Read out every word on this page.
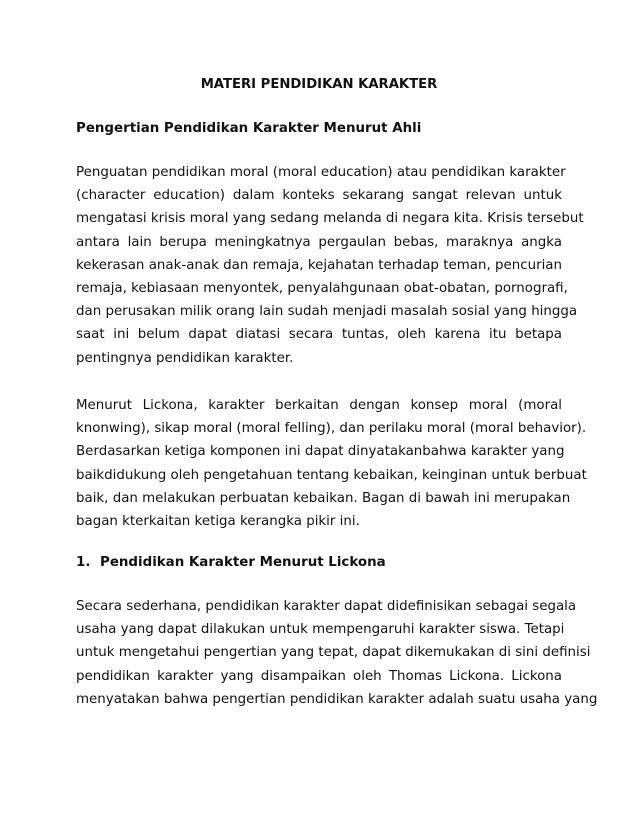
MATERI PENDIDIKAN KARAKTER
Pengertian Pendidikan Karakter Menurut Ahli

Penguatan pendidikan moral (moral education) atau pendidikan karakter
(character education) dalam konteks sekarang sangat relevan untuk
mengatasi krisis moral yang sedang melanda di negara kita. Krisis tersebut
antara lain berupa meningkatnya pergaulan bebas, maraknya angka
kekerasan anak-anak dan remaja, kejahatan terhadap teman, pencurian
remaja, kebiasaan menyontek, penyalahgunaan obat-obatan, pornografi,
dan perusakan milik orang lain sudah menjadi masalah sosial yang hingga
saat ini belum dapat diatasi secara tuntas, oleh karena itu betapa
pentingnya pendidikan karakter.

Menurut Lickona, karakter berkaitan dengan konsep moral (moral
knonwing), sikap moral (moral felling), dan perilaku moral (moral behavior).
Berdasarkan ketiga komponen ini dapat dinyatakanbahwa karakter yang
baikdidukung oleh pengetahuan tentang kebaikan, keinginan untuk berbuat
baik, dan melakukan perbuatan kebaikan. Bagan di bawah ini merupakan
bagan kterkaitan ketiga kerangka pikir ini.

1. Pendidikan Karakter Menurut Lickona

Secara sederhana, pendidikan karakter dapat didefinisikan sebagai segala
usaha yang dapat dilakukan untuk mempengaruhi karakter siswa. Tetapi
untuk mengetahui pengertian yang tepat, dapat dikemukakan di sini definisi
pendidikan karakter yang disampaikan oleh Thomas Lickona. Lickona
menyatakan bahwa pengertian pendidikan karakter adalah suatu usaha yang
